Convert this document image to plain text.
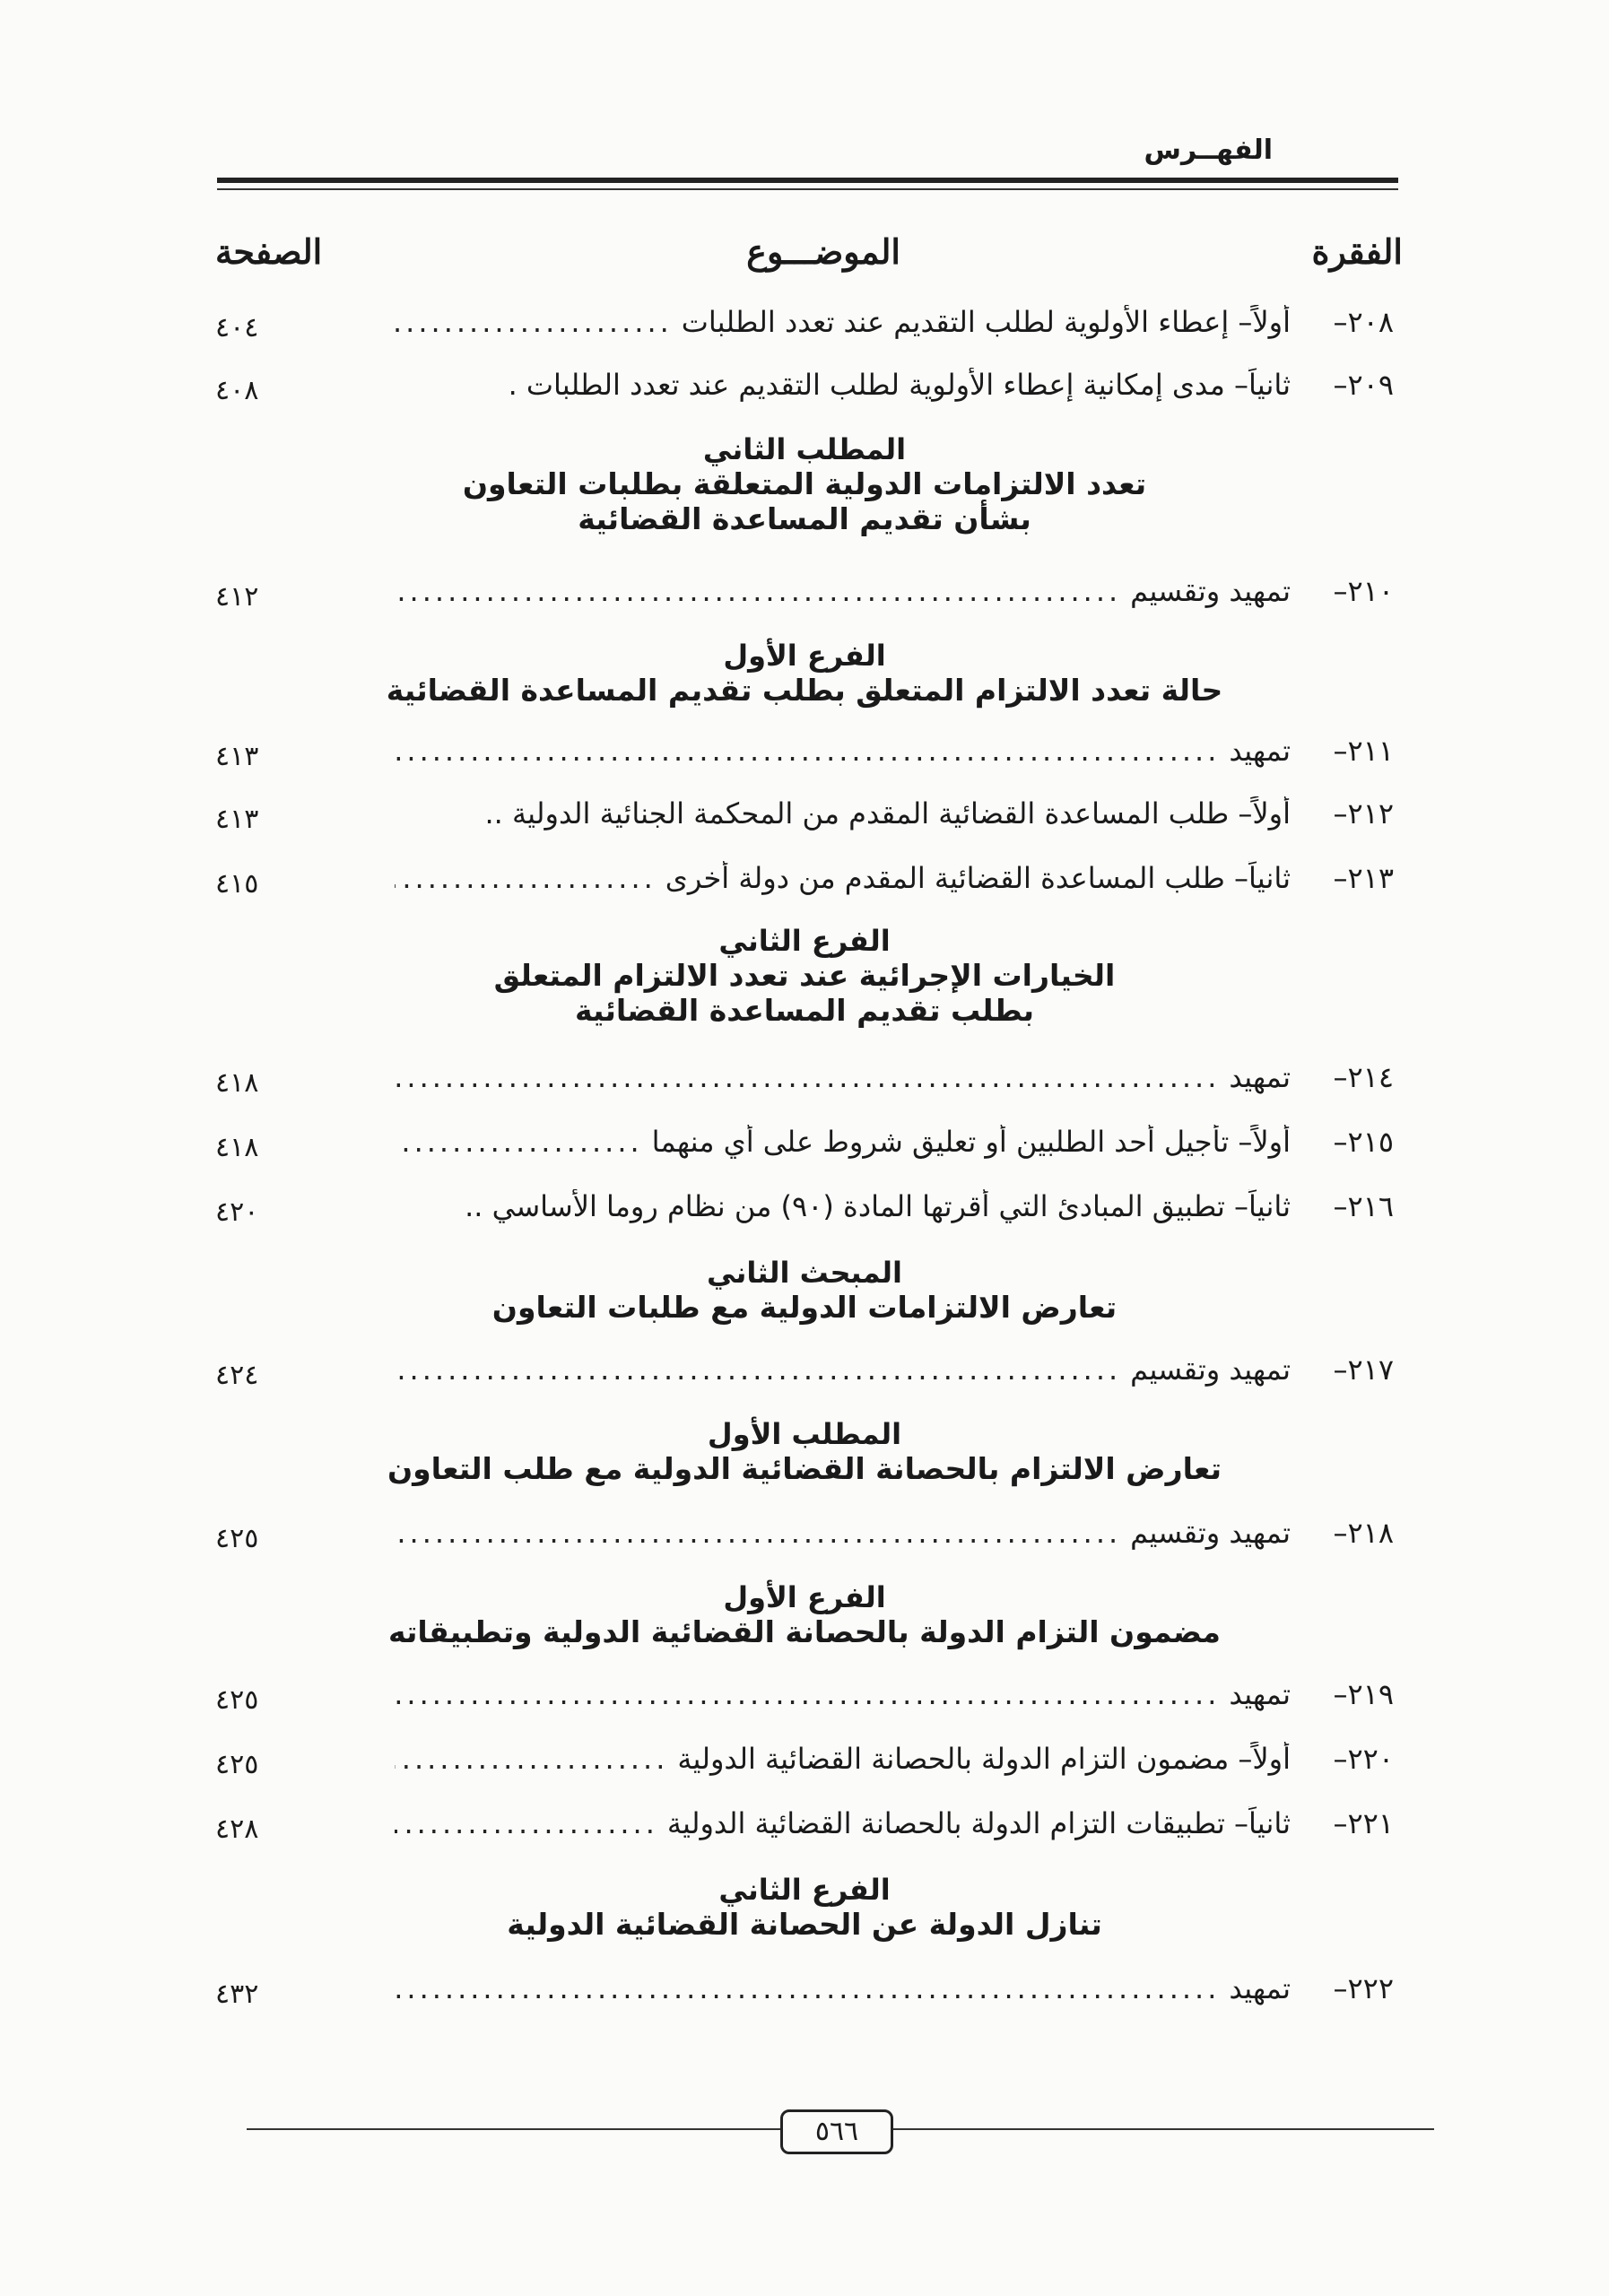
الفهــرس
الفقرة
الموضـــوع
الصفحة
٢٠٨–
أولاً– إعطاء الأولوية لطلب التقديم عند تعدد الطلبات
.....
٤٠٤
٢٠٩–
ثانياً– مدى إمكانية إعطاء الأولوية لطلب التقديم عند تعدد الطلبات .
٤٠٨
المطلب الثاني
تعدد الالتزامات الدولية المتعلقة بطلبات التعاون
بشأن تقديم المساعدة القضائية
٢١٠–
تمهيد وتقسيم
.....
٤١٢
الفرع الأول
حالة تعدد الالتزام المتعلق بطلب تقديم المساعدة القضائية
٢١١–
تمهيد
.....
٤١٣
٢١٢–
أولاً– طلب المساعدة القضائية المقدم من المحكمة الجنائية الدولية ..
٤١٣
٢١٣–
ثانياً– طلب المساعدة القضائية المقدم من دولة أخرى
.....
٤١٥
الفرع الثاني
الخيارات الإجرائية عند تعدد الالتزام المتعلق
بطلب تقديم المساعدة القضائية
٢١٤–
تمهيد
.....
٤١٨
٢١٥–
أولاً– تأجيل أحد الطلبين أو تعليق شروط على أي منهما
.....
٤١٨
٢١٦–
ثانياً– تطبيق المبادئ التي أقرتها المادة (٩٠) من نظام روما الأساسي ..
٤٢٠
المبحث الثاني
تعارض الالتزامات الدولية مع طلبات التعاون
٢١٧–
تمهيد وتقسيم
.....
٤٢٤
المطلب الأول
تعارض الالتزام بالحصانة القضائية الدولية مع طلب التعاون
٢١٨–
تمهيد وتقسيم
.....
٤٢٥
الفرع الأول
مضمون التزام الدولة بالحصانة القضائية الدولية وتطبيقاته
٢١٩–
تمهيد
.....
٤٢٥
٢٢٠–
أولاً– مضمون التزام الدولة بالحصانة القضائية الدولية
.....
٤٢٥
٢٢١–
ثانياً– تطبيقات التزام الدولة بالحصانة القضائية الدولية
.....
٤٢٨
الفرع الثاني
تنازل الدولة عن الحصانة القضائية الدولية
٢٢٢–
تمهيد
.....
٤٣٢
٥٦٦
